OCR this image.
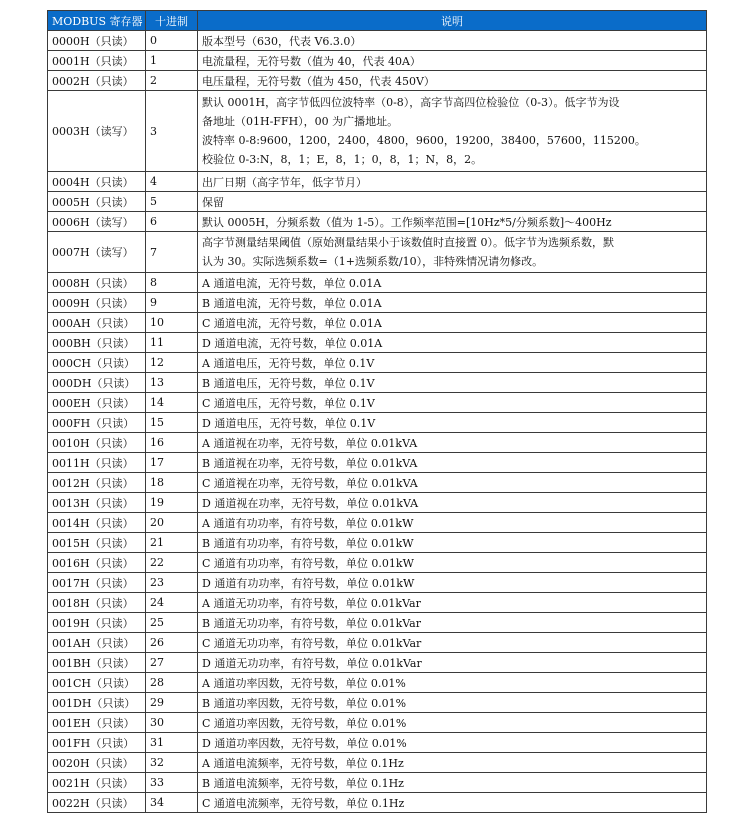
MODBUS 寄存器	十进制	说明
0000H（只读）	0	版本型号（630，代表 V6.3.0）

0001H（只读）	1	电流量程，无符号数（值为 40，代表 40A）

0002H（只读）	2	电压量程，无符号数（值为 450，代表 450V）

0003H（读写）	3	默认 0001H，高字节低四位波特率（0-8），高字节高四位检验位（0-3）。低字节为设
备地址（01H-FFH），00 为广播地址。
波特率 0-8:9600，1200，2400，4800，9600，19200，38400，57600，115200。
校验位 0-3:N，8，1；E，8，1；0，8，1；N，8，2。

0004H（只读）	4	出厂日期（高字节年，低字节月）

0005H（只读）	5	保留

0006H（读写）	6	默认 0005H，分频系数（值为 1-5）。工作频率范围=[10Hz*5/分频系数]～400Hz

0007H（读写）	7	高字节测量结果阈值（原始测量结果小于该数值时直接置 0）。低字节为选频系数，默
认为 30。实际选频系数=（1+选频系数/10），非特殊情况请勿修改。

0008H（只读）	8	A 通道电流，无符号数，单位 0.01A

0009H（只读）	9	B 通道电流，无符号数，单位 0.01A

000AH（只读）	10	C 通道电流，无符号数，单位 0.01A

000BH（只读）	11	D 通道电流，无符号数，单位 0.01A

000CH（只读）	12	A 通道电压，无符号数，单位 0.1V

000DH（只读）	13	B 通道电压，无符号数，单位 0.1V

000EH（只读）	14	C 通道电压，无符号数，单位 0.1V

000FH（只读）	15	D 通道电压，无符号数，单位 0.1V

0010H（只读）	16	A 通道视在功率，无符号数，单位 0.01kVA

0011H（只读）	17	B 通道视在功率，无符号数，单位 0.01kVA

0012H（只读）	18	C 通道视在功率，无符号数，单位 0.01kVA

0013H（只读）	19	D 通道视在功率，无符号数，单位 0.01kVA

0014H（只读）	20	A 通道有功功率，有符号数，单位 0.01kW

0015H（只读）	21	B 通道有功功率，有符号数，单位 0.01kW

0016H（只读）	22	C 通道有功功率，有符号数，单位 0.01kW

0017H（只读）	23	D 通道有功功率，有符号数，单位 0.01kW

0018H（只读）	24	A 通道无功功率，有符号数，单位 0.01kVar

0019H（只读）	25	B 通道无功功率，有符号数，单位 0.01kVar

001AH（只读）	26	C 通道无功功率，有符号数，单位 0.01kVar

001BH（只读）	27	D 通道无功功率，有符号数，单位 0.01kVar

001CH（只读）	28	A 通道功率因数，无符号数，单位 0.01%

001DH（只读）	29	B 通道功率因数，无符号数，单位 0.01%

001EH（只读）	30	C 通道功率因数，无符号数，单位 0.01%

001FH（只读）	31	D 通道功率因数，无符号数，单位 0.01%

0020H（只读）	32	A 通道电流频率，无符号数，单位 0.1Hz

0021H（只读）	33	B 通道电流频率，无符号数，单位 0.1Hz

0022H（只读）	34	C 通道电流频率，无符号数，单位 0.1Hz
